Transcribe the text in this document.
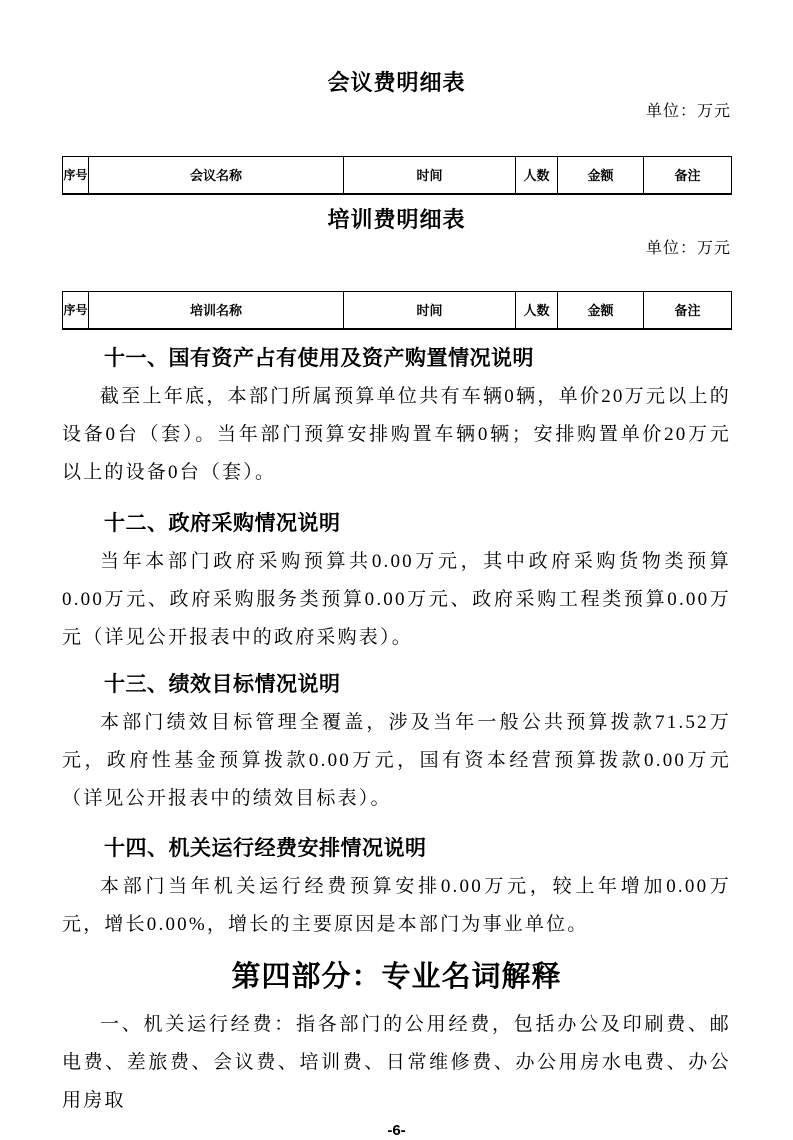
会议费明细表
单位：万元
序号	会议名称	时间	人数	金额	备注
培训费明细表
单位：万元
序号	培训名称	时间	人数	金额	备注
十一、国有资产占有使用及资产购置情况说明

截至上年底，本部门所属预算单位共有车辆0辆，单价20万元以上的设备0台（套）。当年部门预算安排购置车辆0辆；安排购置单价20万元以上的设备0台（套）。

十二、政府采购情况说明

当年本部门政府采购预算共0.00万元，其中政府采购货物类预算0.00万元、政府采购服务类预算0.00万元、政府采购工程类预算0.00万元（详见公开报表中的政府采购表）。

十三、绩效目标情况说明

本部门绩效目标管理全覆盖，涉及当年一般公共预算拨款71.52万元，政府性基金预算拨款0.00万元，国有资本经营预算拨款0.00万元（详见公开报表中的绩效目标表）。

十四、机关运行经费安排情况说明

本部门当年机关运行经费预算安排0.00万元，较上年增加0.00万元，增长0.00%，增长的主要原因是本部门为事业单位。

第四部分：专业名词解释

一、机关运行经费：指各部门的公用经费，包括办公及印刷费、邮电费、差旅费、会议费、培训费、日常维修费、办公用房水电费、办公用房取

-6-
